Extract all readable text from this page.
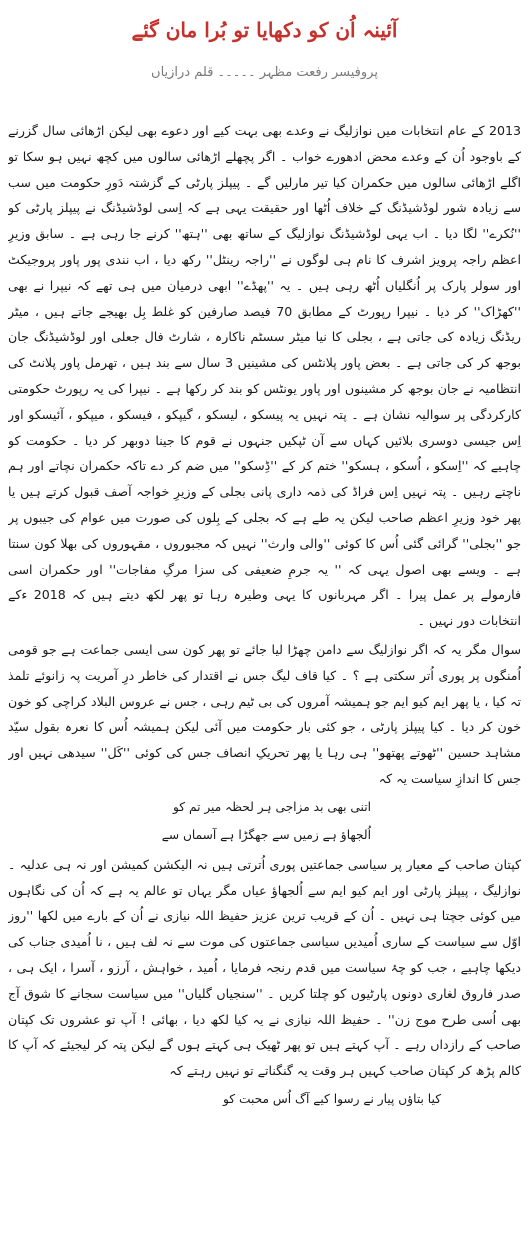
آئینہ اُن کو دکھایا تو بُرا مان گئے
پروفیسر رفعت مظہر ۔۔۔۔۔ قلم درازیاں

2013 کے عام انتخابات میں نوازلیگ نے وعدے بھی بہت کیے اور دعوے بھی لیکن اڑھائی سال گزرنے کے باوجود اُن کے وعدے محض ادھورے خواب ۔ اگر پچھلے اڑھائی سالوں میں کچھ نہیں ہو سکا تو اگلے اڑھائی سالوں میں حکمران کیا تیر مارلیں گے ۔ پیپلز پارٹی کے گزشتہ دَورِ حکومت میں سب سے زیادہ شور لوڈشیڈنگ کے خلاف اُٹھا اور حقیقت یہی ہے کہ اِسی لوڈشیڈنگ نے پیپلز پارٹی کو ''نُکرے'' لگا دیا ۔ اب یہی لوڈشیڈنگ نوازلیگ کے ساتھ بھی ''ہتھ'' کرنے جا رہی ہے ۔ سابق وزیرِ اعظم راجہ پرویز اشرف کا نام ہی لوگوں نے ''راجہ رینٹل'' رکھ دیا ، اب نندی پور پاور پروجیکٹ اور سولر پارک پر اُنگلیاں اُٹھ رہی ہیں ۔ یہ ''پھڈے'' ابھی درمیان میں ہی تھے کہ نیپرا نے بھی ''کھڑاک'' کر دیا ۔ نیپرا رپورٹ کے مطابق 70 فیصد صارفین کو غلط بِل بھیجے جاتے ہیں ، میٹر ریڈنگ زیادہ کی جاتی ہے ، بجلی کا نیا میٹر سسٹم ناکارہ ، شارٹ فال جعلی اور لوڈشیڈنگ جان بوجھ کر کی جاتی ہے ۔ بعض پاور پلانٹس کی مشینیں 3 سال سے بند ہیں ، تھرمل پاور پلانٹ کی انتظامیہ نے جان بوجھ کر مشینوں اور پاور یونٹس کو بند کر رکھا ہے ۔ نیپرا کی یہ رپورٹ حکومتی کارکردگی پر سوالیہ نشان ہے ۔ پتہ نہیں یہ پیسکو ، لیسکو ، گیپکو ، فیسکو ، میپکو ، آئیسکو اور اِس جیسی دوسری بلائیں کہاں سے آن ٹپکیں جنہوں نے قوم کا جینا دوبھر کر دیا ۔ حکومت کو چاہیے کہ ''اِسکو ، اُسکو ، ہسکو'' ختم کر کے ''ڈِسکو'' میں ضم کر دے تاکہ حکمران نچاتے اور ہم ناچتے رہیں ۔ پتہ نہیں اِس فراڈ کی ذمہ داری پانی بجلی کے وزیرِ خواجہ آصف قبول کرتے ہیں یا پھر خود وزیرِ اعظم صاحب لیکن یہ طے ہے کہ بجلی کے بِلوں کی صورت میں عوام کی جیبوں پر جو ''بجلی'' گرائی گئی اُس کا کوئی ''والی وارث'' نہیں کہ مجبوروں ، مقہوروں کی بھلا کون سنتا ہے ۔ ویسے بھی اصول یہی کہ '' یہ جرمِ ضعیفی کی سزا مرگِ مفاجات'' اور حکمران اسی فارمولے پر عمل پیرا ۔ اگر مہربانوں کا یہی وطیرہ رہا تو پھر لکھ دیتے ہیں کہ 2018 ءکے انتخابات دور نہیں ۔

سوال مگر یہ کہ اگر نوازلیگ سے دامن چھڑا لیا جائے تو پھر کون سی ایسی جماعت ہے جو قومی اُمنگوں پر پوری اُتر سکتی ہے ؟ ۔ کیا قاف لیگ جس نے اقتدار کی خاطر درِ آمریت پہ زانوئے تلمذ تہ کیا ، یا پھر ایم کیو ایم جو ہمیشہ آمروں کی بی ٹیم رہی ، جس نے عروس البلاد کراچی کو خون خون کر دیا ۔ کیا پیپلز پارٹی ، جو کئی بار حکومت میں آئی لیکن ہمیشہ اُس کا نعرہ بقول سیّد مشاہد حسین ''ٹھوتے پھتھو'' ہی رہا یا پھر تحریکِ انصاف جس کی کوئی ''کَل'' سیدھی نہیں اور جس کا اندازِ سیاست یہ کہ

اتنی بھی بد مزاجی ہر لحظہ میر تم کو

اُلجھاؤ ہے زمیں سے جھگڑا ہے آسماں سے

کپتان صاحب کے معیار پر سیاسی جماعتیں پوری اُترتی ہیں نہ الیکشن کمیشن اور نہ ہی عدلیہ ۔ نوازلیگ ، پیپلز پارٹی اور ایم کیو ایم سے اُلجھاؤ عیاں مگر یہاں تو عالم یہ ہے کہ اُن کی نگاہوں میں کوئی جچتا ہی نہیں ۔ اُن کے قریب ترین عزیز حفیظ اللہ نیازی نے اُن کے بارے میں لکھا ''روز اوّل سے سیاست کے ساری اُمیدیں سیاسی جماعتوں کی موت سے نہ لف ہیں ، نا اُمیدی جناب کی دیکھا چاہیے ، جب کو چۂ سیاست میں قدم رنجہ فرمایا ، اُمید ، خواہش ، آرزو ، آسرا ، ایک ہی ، صدر فاروق لغاری دونوں پارٹیوں کو چلتا کریں ۔ ''سنجیاں گلیاں'' میں سیاست سجانے کا شوق آج بھی اُسی طرح موج زن'' ۔ حفیظ اللہ نیازی نے یہ کیا لکھ دیا ، بھائی ! آپ تو عشروں تک کپتان صاحب کے رازداں رہے ۔ آپ کہتے ہیں تو پھر ٹھیک ہی کہتے ہوں گے لیکن پتہ کر لیجیئے کہ آپ کا کالم پڑھ کر کپتان صاحب کہیں ہر وقت یہ گنگناتے تو نہیں رہتے کہ

کیا بتاؤں پیار نے رسوا کیے آگ اُس محبت کو
